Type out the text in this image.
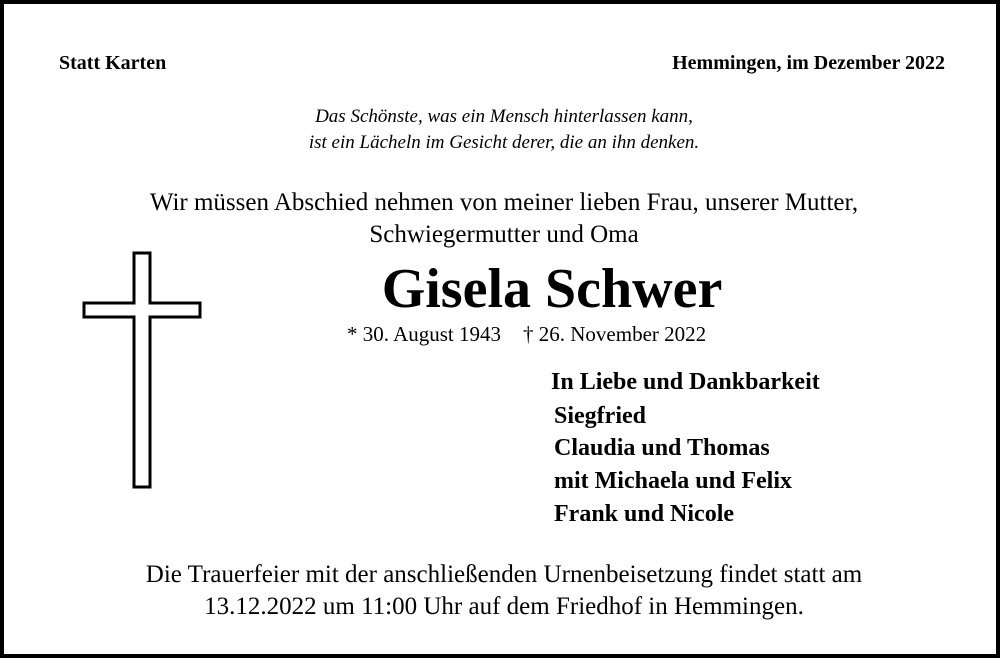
Statt Karten	Hemmingen, im Dezember 2022
Das Schönste, was ein Mensch hinterlassen kann,
ist ein Lächeln im Gesicht derer, die an ihn denken.
Wir müssen Abschied nehmen von meiner lieben Frau, unserer Mutter,
Schwiegermutter und Oma
Gisela Schwer
* 30. August 1943 † 26. November 2022
In Liebe und Dankbarkeit
Siegfried
Claudia und Thomas
mit Michaela und Felix
Frank und Nicole
Die Trauerfeier mit der anschließenden Urnenbeisetzung findet statt am
13.12.2022 um 11:00 Uhr auf dem Friedhof in Hemmingen.
